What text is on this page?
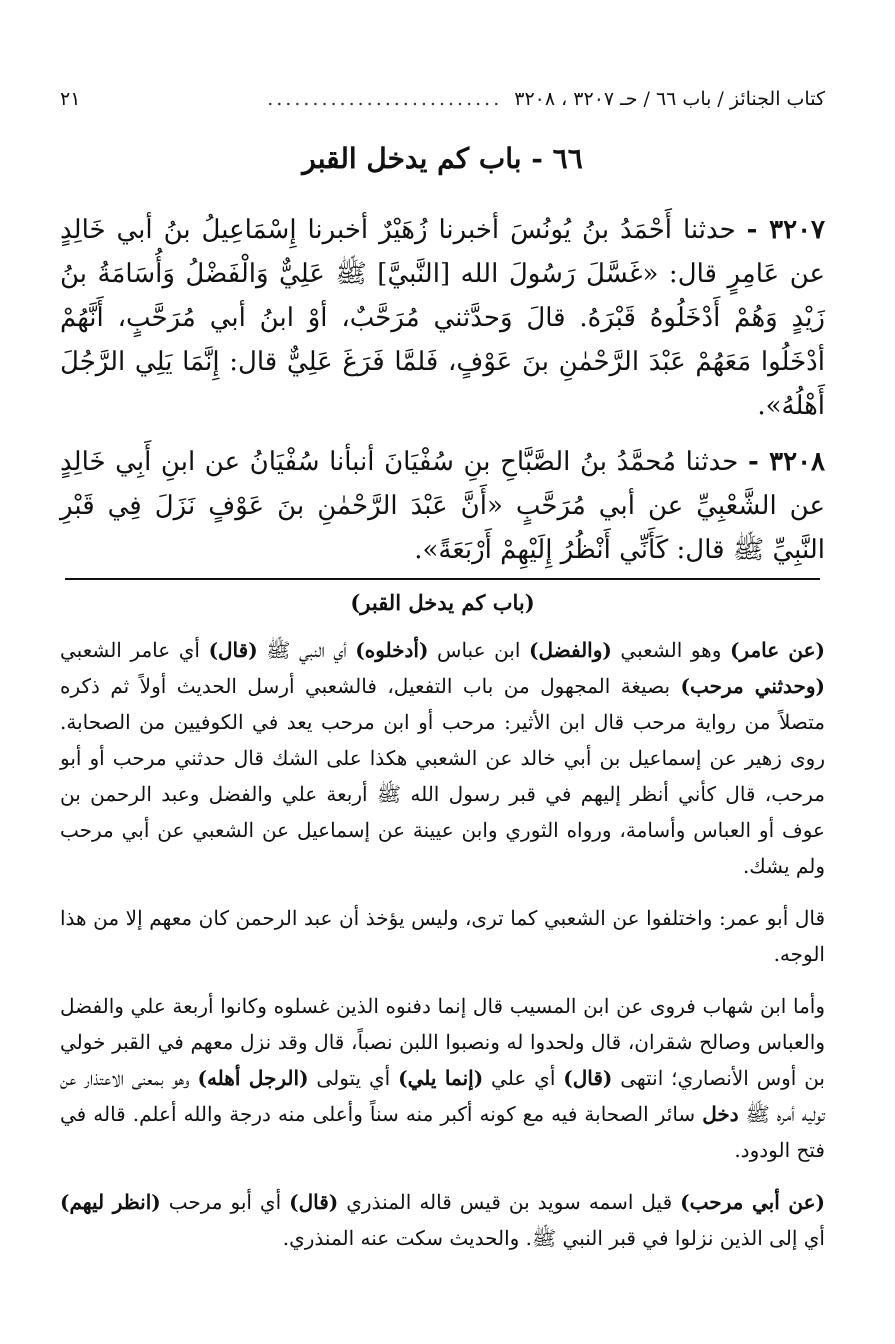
كتاب الجنائز / باب ٦٦ / حـ ٣٢٠٧ ، ٣٢٠٨
..........................
٢١
٦٦ - باب كم يدخل القبر

٣٢٠٧ - حدثنا أَحْمَدُ بنُ يُونُسَ أخبرنا زُهَيْرٌ أخبرنا إِسْمَاعِيلُ بنُ أبي خَالِدٍ عن عَامِرٍ قال: «غَسَّلَ رَسُولَ الله [النَّبيَّ] ﷺ عَلِيٌّ وَالْفَضْلُ وَأُسَامَةُ بنُ زَيْدٍ وَهُمْ أَدْخَلُوهُ قَبْرَهُ. قالَ وَحدَّثني مُرَحَّبٌ، أوْ ابنُ أبي مُرَحَّبٍ، أَنَّهُمْ أدْخَلُوا مَعَهُمْ عَبْدَ الرَّحْمٰنِ بنَ عَوْفٍ، فَلمَّا فَرَغَ عَلِيٌّ قال: إِنَّمَا يَلِي الرَّجُلَ أَهْلُهُ».

٣٢٠٨ - حدثنا مُحمَّدُ بنُ الصَّبَّاحِ بنِ سُفْيَانَ أنبأنا سُفْيَانُ عن ابنِ أَبِي خَالِدٍ عن الشَّعْبِيِّ عن أبي مُرَحَّبٍ «أَنَّ عَبْدَ الرَّحْمٰنِ بنَ عَوْفٍ نَزَلَ فِي قَبْرِ النَّبِيِّ ﷺ قال: كَأَنِّي أَنْظُرُ إِلَيْهِمْ أَرْبَعَةً».

(باب كم يدخل القبر)

(عن عامر) وهو الشعبي (والفضل) ابن عباس (أدخلوه) أي النبي ﷺ (قال) أي عامر الشعبي (وحدثني مرحب) بصيغة المجهول من باب التفعيل، فالشعبي أرسل الحديث أولاً ثم ذكره متصلاً من رواية مرحب قال ابن الأثير: مرحب أو ابن مرحب يعد في الكوفيين من الصحابة. روى زهير عن إسماعيل بن أبي خالد عن الشعبي هكذا على الشك قال حدثني مرحب أو أبو مرحب، قال كأني أنظر إليهم في قبر رسول الله ﷺ أربعة علي والفضل وعبد الرحمن بن عوف أو العباس وأسامة، ورواه الثوري وابن عيينة عن إسماعيل عن الشعبي عن أبي مرحب ولم يشك.

قال أبو عمر: واختلفوا عن الشعبي كما ترى، وليس يؤخذ أن عبد الرحمن كان معهم إلا من هذا الوجه.

وأما ابن شهاب فروى عن ابن المسيب قال إنما دفنوه الذين غسلوه وكانوا أربعة علي والفضل والعباس وصالح شقران، قال ولحدوا له ونصبوا اللبن نصباً، قال وقد نزل معهم في القبر خولي بن أوس الأنصاري؛ انتهى (قال) أي علي (إنما يلي) أي يتولى (الرجل أهله) وهو بمعنى الاعتذار عن توليه أمره ﷺ دخل سائر الصحابة فيه مع كونه أكبر منه سناً وأعلى منه درجة والله أعلم. قاله في فتح الودود.

(عن أبي مرحب) قيل اسمه سويد بن قيس قاله المنذري (قال) أي أبو مرحب (انظر ليهم) أي إلى الذين نزلوا في قبر النبي ﷺ. والحديث سكت عنه المنذري.
